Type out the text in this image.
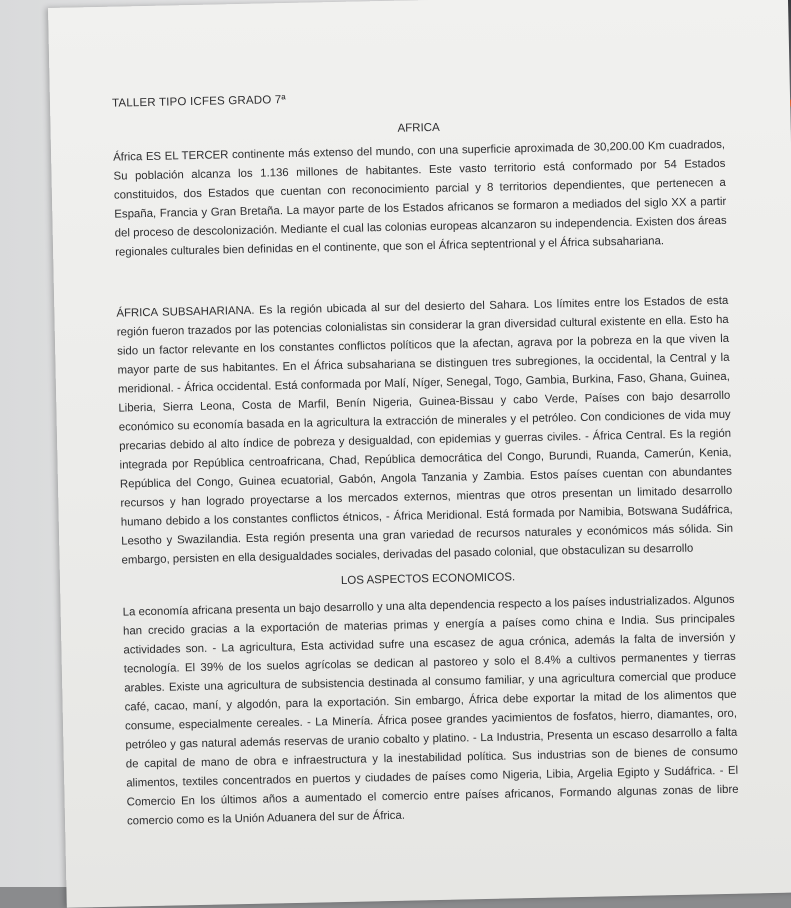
TALLER TIPO ICFES GRADO 7ª

AFRICA

África ES EL TERCER continente más extenso del mundo, con una superficie aproximada de 30,200.00 Km cuadrados, Su población alcanza los 1.136 millones de habitantes. Este vasto territorio está conformado por 54 Estados constituidos, dos Estados que cuentan con reconocimiento parcial y 8 territorios dependientes, que pertenecen a España, Francia y Gran Bretaña. La mayor parte de los Estados africanos se formaron a mediados del siglo XX a partir del proceso de descolonización. Mediante el cual las colonias europeas alcanzaron su independencia. Existen dos áreas regionales culturales bien definidas en el continente, que son el África septentrional y el África subsahariana.

ÁFRICA SUBSAHARIANA. Es la región ubicada al sur del desierto del Sahara. Los límites entre los Estados de esta región fueron trazados por las potencias colonialistas sin considerar la gran diversidad cultural existente en ella. Esto ha sido un factor relevante en los constantes conflictos políticos que la afectan, agrava por la pobreza en la que viven la mayor parte de sus habitantes. En el África subsahariana se distinguen tres subregiones, la occidental, la Central y la meridional. - África occidental. Está conformada por Malí, Níger, Senegal, Togo, Gambia, Burkina, Faso, Ghana, Guinea, Liberia, Sierra Leona, Costa de Marfil, Benín Nigeria, Guinea-Bissau y cabo Verde, Países con bajo desarrollo económico su economía basada en la agricultura la extracción de minerales y el petróleo. Con condiciones de vida muy precarias debido al alto índice de pobreza y desigualdad, con epidemias y guerras civiles. - África Central. Es la región integrada por República centroafricana, Chad, República democrática del Congo, Burundi, Ruanda, Camerún, Kenia, República del Congo, Guinea ecuatorial, Gabón, Angola Tanzania y Zambia. Estos países cuentan con abundantes recursos y han logrado proyectarse a los mercados externos, mientras que otros presentan un limitado desarrollo humano debido a los constantes conflictos étnicos, - África Meridional. Está formada por Namibia, Botswana Sudáfrica, Lesotho y Swazilandia. Esta región presenta una gran variedad de recursos naturales y económicos más sólida. Sin embargo, persisten en ella desigualdades sociales, derivadas del pasado colonial, que obstaculizan su desarrollo

LOS ASPECTOS ECONOMICOS.

La economía africana presenta un bajo desarrollo y una alta dependencia respecto a los países industrializados. Algunos han crecido gracias a la exportación de materias primas y energía a países como china e India. Sus principales actividades son. - La agricultura, Esta actividad sufre una escasez de agua crónica, además la falta de inversión y tecnología. El 39% de los suelos agrícolas se dedican al pastoreo y solo el 8.4% a cultivos permanentes y tierras arables. Existe una agricultura de subsistencia destinada al consumo familiar, y una agricultura comercial que produce café, cacao, maní, y algodón, para la exportación. Sin embargo, África debe exportar la mitad de los alimentos que consume, especialmente cereales. - La Minería. África posee grandes yacimientos de fosfatos, hierro, diamantes, oro, petróleo y gas natural además reservas de uranio cobalto y platino. - La Industria, Presenta un escaso desarrollo a falta de capital de mano de obra e infraestructura y la inestabilidad política. Sus industrias son de bienes de consumo alimentos, textiles concentrados en puertos y ciudades de países como Nigeria, Libia, Argelia Egipto y Sudáfrica. - El Comercio En los últimos años a aumentado el comercio entre países africanos, Formando algunas zonas de libre comercio como es la Unión Aduanera del sur de África.
